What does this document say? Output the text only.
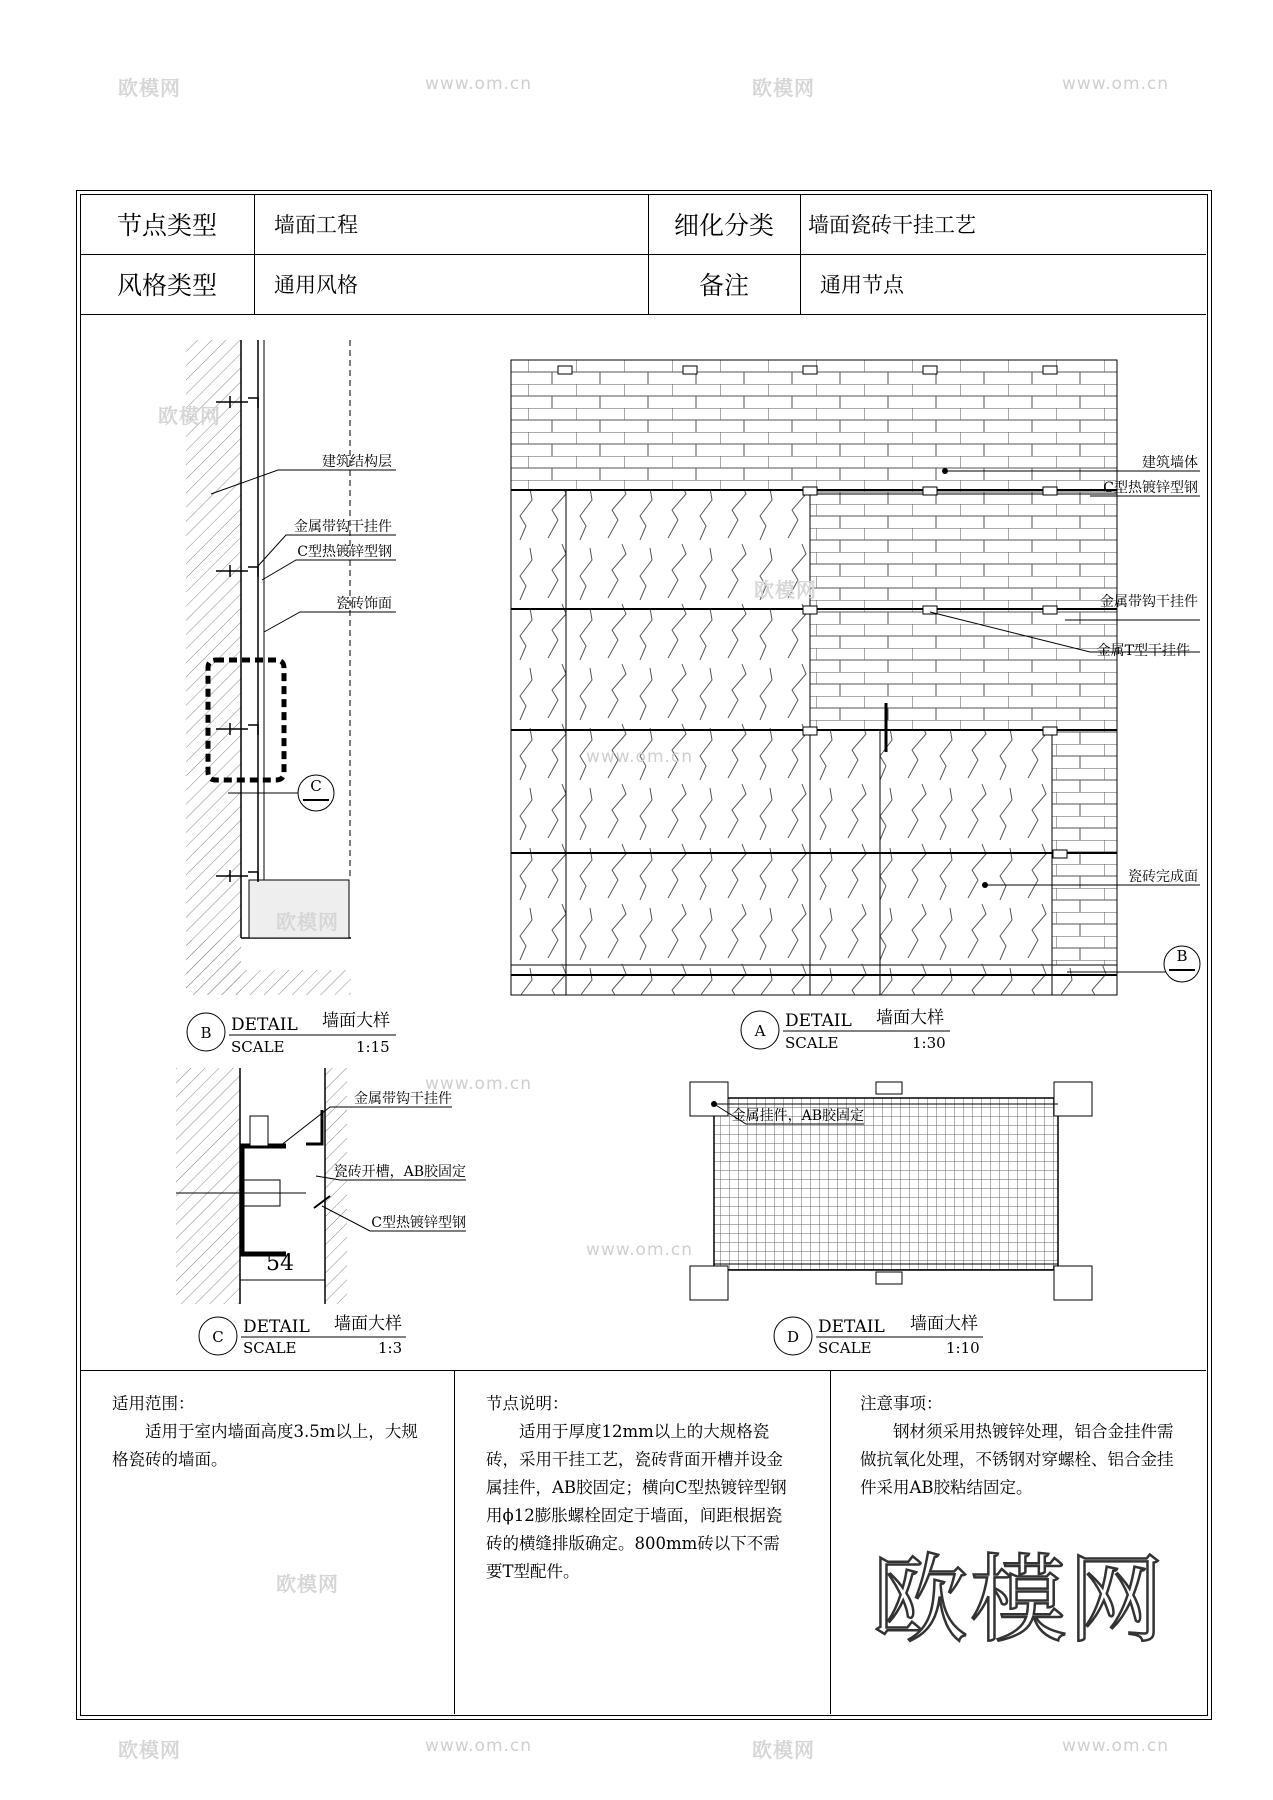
节点类型	墙面工程	细化分类	墙面瓷砖干挂工艺
风格类型	通用风格	备注	通用节点
C
建筑结构层
金属带钩干挂件
C型热镀锌型钢
瓷砖饰面
B DETAIL
SCALE
墙面大样
1:15
建筑墙体
C型热镀锌型钢
金属带钩干挂件
金属T型干挂件
瓷砖完成面
B
A DETAIL
SCALE
墙面大样
1:30
54
金属带钩干挂件
瓷砖开槽，AB胶固定
C型热镀锌型钢
C DETAIL
SCALE
墙面大样
1:3
金属挂件，AB胶固定
D DETAIL
SCALE
墙面大样
1:10
适用范围：
适用于室内墙面高度3.5m以上，大规格瓷砖的墙面。
节点说明：
适用于厚度12mm以上的大规格瓷砖，采用干挂工艺，瓷砖背面开槽并设金属挂件，AB胶固定；横向C型热镀锌型钢用ϕ12膨胀螺栓固定于墙面，间距根据瓷砖的横缝排版确定。800mm砖以下不需要T型配件。
注意事项：
钢材须采用热镀锌处理，铝合金挂件需做抗氧化处理，不锈钢对穿螺栓、铝合金挂件采用AB胶粘结固定。
欧模网	www.om.cn	欧模网	www.om.cn
欧模网
欧模网
www.om.cn
欧模网
www.om.cn
www.om.cn
欧模网
欧模网	www.om.cn	欧模网	www.om.cn
欧模网
